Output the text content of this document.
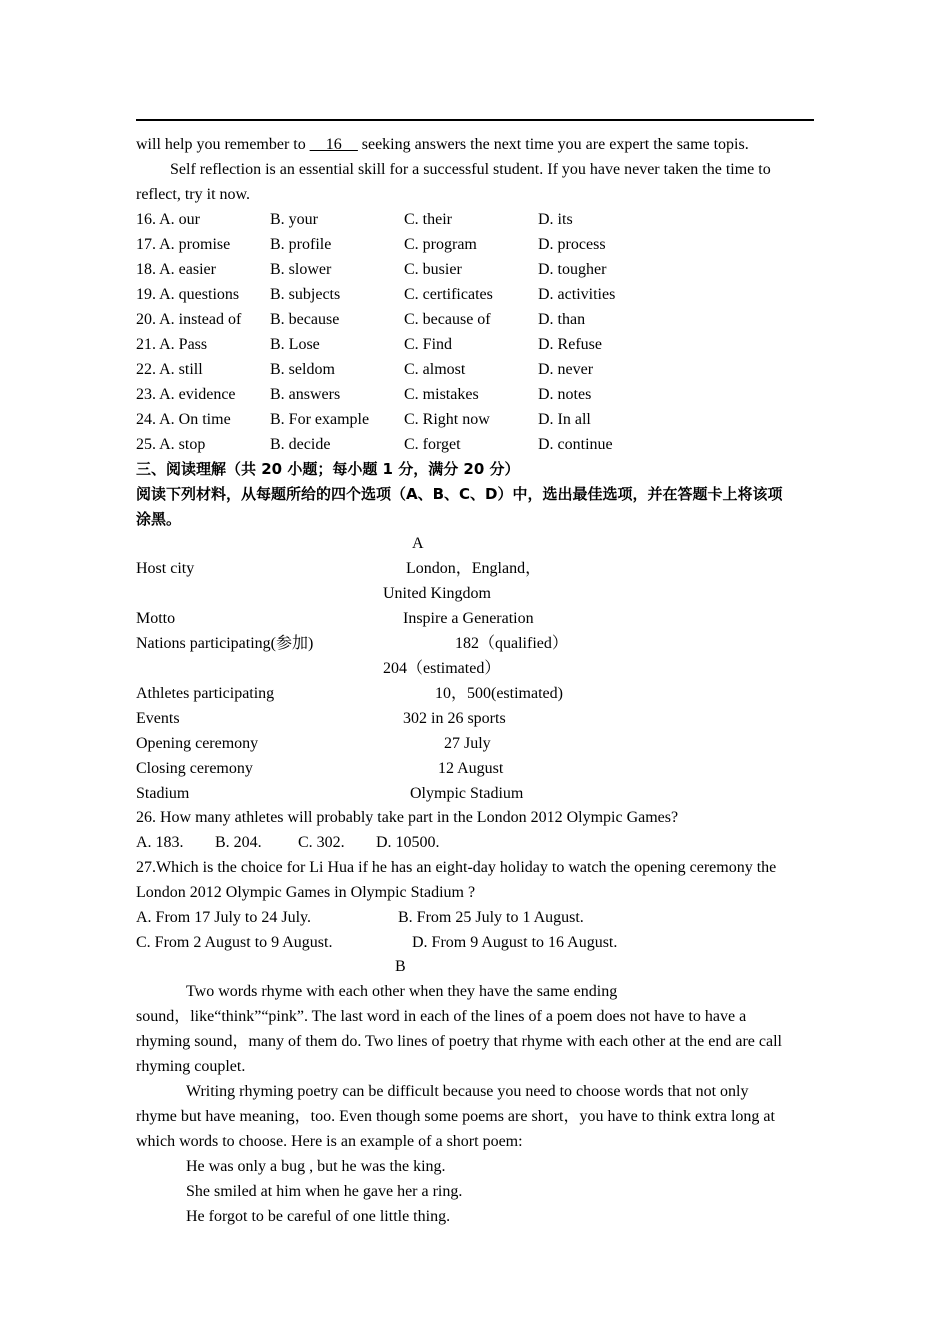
will help you remember to __16__ seeking answers the next time you are expert the same topis.
Self reflection is an essential skill for a successful student. If you have never taken the time to
reflect, try it now.
16. A. our	B. your	C. their	D. its
17. A. promise B. profile	C. program	D. process
18. A. easier	B. slower	C. busier	D. tougher
19. A. questions B. subjects	C. certificates	D. activities
20. A. instead of B. because	C. because of	D. than
21. A. Pass	B. Lose	C. Find	D. Refuse
22. A. still	B. seldom	C. almost	D. never
23. A. evidence B. answers	C. mistakes	D. notes
24. A. On time B. For example C. Right now	D. In all
25. A. stop	B. decide	C. forget	D. continue
三、阅读理解（共 20 小题；每小题 1 分，满分 20 分）
阅读下列材料，从每题所给的四个选项（A、B、C、D）中，选出最佳选项，并在答题卡上将该项
涂黑。
A
Host city	London，England，
United Kingdom
Motto	Inspire a Generation
Nations participating(参加)	182（qualified）
204（estimated）
Athletes participating	10，500(estimated)
Events	302 in 26 sports
Opening ceremony	27 July
Closing ceremony	12 August
Stadium	Olympic Stadium
26. How many athletes will probably take part in the London 2012 Olympic Games?
A. 183. B. 204. C. 302. D. 10500.
27.Which is the choice for Li Hua if he has an eight-day holiday to watch the opening ceremony the
London 2012 Olympic Games in Olympic Stadium ?
A. From 17 July to 24 July.	B. From 25 July to 1 August.
C. From 2 August to 9 August.	D. From 9 August to 16 August.
B
Two words rhyme with each other when they have the same ending
sound，like“think”“pink”. The last word in each of the lines of a poem does not have to have a
rhyming sound，many of them do. Two lines of poetry that rhyme with each other at the end are call
rhyming couplet.
Writing rhyming poetry can be difficult because you need to choose words that not only
rhyme but have meaning，too. Even though some poems are short，you have to think extra long at
which words to choose. Here is an example of a short poem:
He was only a bug , but he was the king.
She smiled at him when he gave her a ring.
He forgot to be careful of one little thing.
